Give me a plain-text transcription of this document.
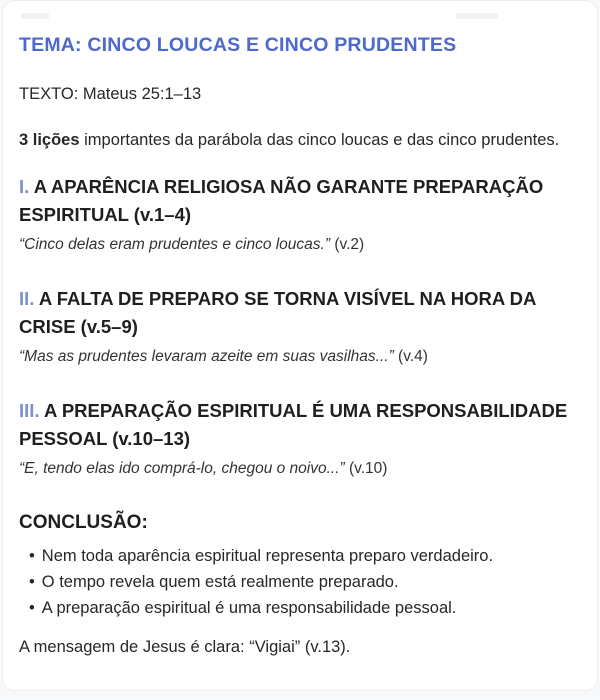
TEMA: CINCO LOUCAS E CINCO PRUDENTES

TEXTO: Mateus 25:1–13

3 lições importantes da parábola das cinco loucas e das cinco prudentes.

I. A APARÊNCIA RELIGIOSA NÃO GARANTE PREPARAÇÃO ESPIRITUAL (v.1–4)

“Cinco delas eram prudentes e cinco loucas.” (v.2)

II. A FALTA DE PREPARO SE TORNA VISÍVEL NA HORA DA CRISE (v.5–9)

“Mas as prudentes levaram azeite em suas vasilhas...” (v.4)

III. A PREPARAÇÃO ESPIRITUAL É UMA RESPONSABILIDADE PESSOAL (v.10–13)

“E, tendo elas ido comprá-lo, chegou o noivo...” (v.10)

CONCLUSÃO:
• Nem toda aparência espiritual representa preparo verdadeiro.
• O tempo revela quem está realmente preparado.
• A preparação espiritual é uma responsabilidade pessoal.

A mensagem de Jesus é clara: “Vigiai” (v.13).
